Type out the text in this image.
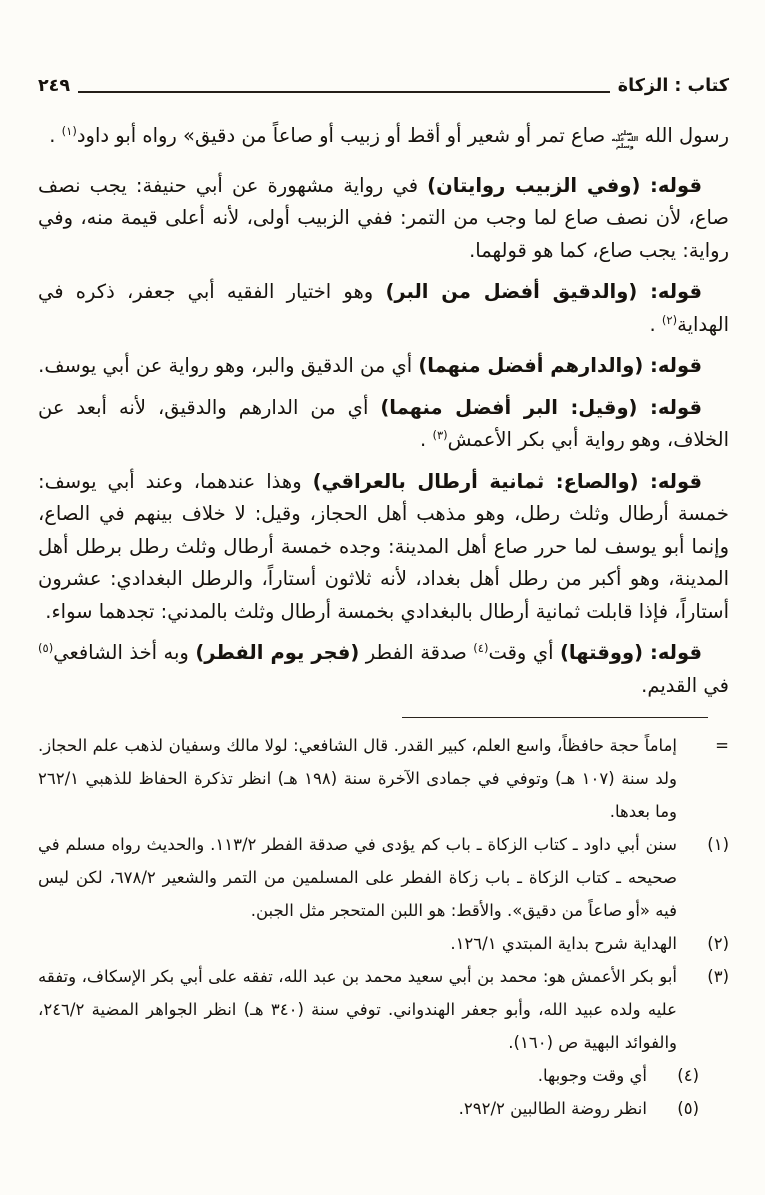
كتاب : الزكاة
٢٤٩

رسول الله صلى الله عليه وسلم صاع تمر أو شعير أو أقط أو زبيب أو صاعاً من دقيق» رواه أبو داود$^{(١)}$ .

قوله: (وفي الزبيب روايتان) في رواية مشهورة عن أبي حنيفة: يجب نصف صاع، لأن نصف صاع لما وجب من التمر: ففي الزبيب أولى، لأنه أعلى قيمة منه، وفي رواية: يجب صاع، كما هو قولهما.

قوله: (والدقيق أفضل من البر) وهو اختيار الفقيه أبي جعفر، ذكره في الهداية$^{(٢)}$ .

قوله: (والدارهم أفضل منهما) أي من الدقيق والبر، وهو رواية عن أبي يوسف.

قوله: (وقيل: البر أفضل منهما) أي من الدارهم والدقيق، لأنه أبعد عن الخلاف، وهو رواية أبي بكر الأعمش$^{(٣)}$ .

قوله: (والصاع: ثمانية أرطال بالعراقي) وهذا عندهما، وعند أبي يوسف: خمسة أرطال وثلث رطل، وهو مذهب أهل الحجاز، وقيل: لا خلاف بينهم في الصاع، وإنما أبو يوسف لما حرر صاع أهل المدينة: وجده خمسة أرطال وثلث رطل برطل أهل المدينة، وهو أكبر من رطل أهل بغداد، لأنه ثلاثون أستاراً، والرطل البغدادي: عشرون أستاراً، فإذا قابلت ثمانية أرطال بالبغدادي بخمسة أرطال وثلث بالمدني: تجدهما سواء.

قوله: (ووقتها) أي وقت$^{(٤)}$ صدقة الفطر (فجر يوم الفطر) وبه أخذ الشافعي$^{(٥)}$ في القديم.

=
إماماً حجة حافظاً، واسع العلم، كبير القدر. قال الشافعي: لولا مالك وسفيان لذهب علم الحجاز. ولد سنة (١٠٧ هـ) وتوفي في جمادى الآخرة سنة (١٩٨ هـ) انظر تذكرة الحفاظ للذهبي ٢٦٢/١ وما بعدها.
(١)
سنن أبي داود ـ كتاب الزكاة ـ باب كم يؤدى في صدقة الفطر ١١٣/٢. والحديث رواه مسلم في صحيحه ـ كتاب الزكاة ـ باب زكاة الفطر على المسلمين من التمر والشعير ٦٧٨/٢، لكن ليس فيه «أو صاعاً من دقيق». والأقط: هو اللبن المتحجر مثل الجبن.
(٢)
الهداية شرح بداية المبتدي ١٢٦/١.
(٣)
أبو بكر الأعمش هو: محمد بن أبي سعيد محمد بن عبد الله، تفقه على أبي بكر الإسكاف، وتفقه عليه ولده عبيد الله، وأبو جعفر الهندواني. توفي سنة (٣٤٠ هـ) انظر الجواهر المضية ٢٤٦/٢، والفوائد البهية ص (١٦٠).
(٤)
أي وقت وجوبها.
(٥)
انظر روضة الطالبين ٢٩٢/٢.
